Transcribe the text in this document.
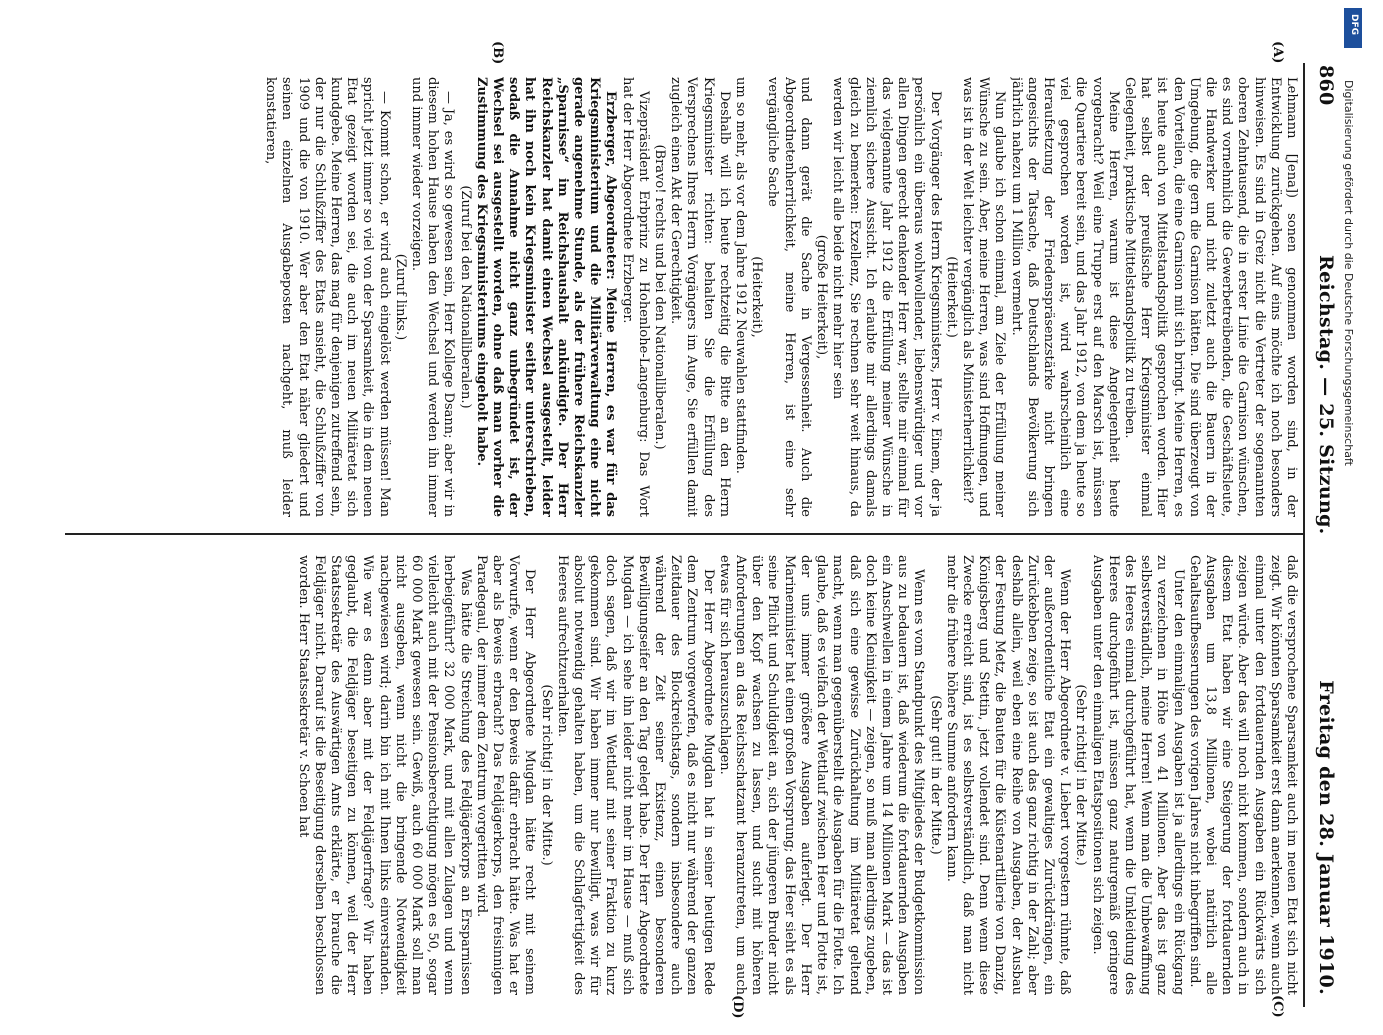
860
Reichstag. — 25. Sitzung.
Freitag den 28. Januar 1910.
(A)
(B)
(C)
(D)

Lehmann [Jena]) sonen genommen worden sind, in der Entwicklung zurückgehen. Auf eins möchte ich noch besonders hinweisen. Es sind in Greiz nicht die Vertreter der sogenannten oberen Zehntausend, die in erster Linie die Garnison wünschen, es sind vornehmlich die Gewerbetreibenden, die Geschäftsleute, die Handwerker und nicht zuletzt auch die Bauern in der Umgebung, die gern die Garnison hätten. Die sind überzeugt von den Vorteilen, die eine Garnison mit sich bringt. Meine Herren, es ist heute auch von Mittelstandspolitik gesprochen worden. Hier hat selbst der preußische Herr Kriegsminister einmal Gelegenheit, praktische Mittelstandspolitik zu treiben.

Meine Herren, warum ist diese Angelegenheit heute vorgebracht? Weil eine Truppe erst auf den Marsch ist, müssen die Quartiere bereit sein, und das Jahr 1912, von dem ja heute so viel gesprochen worden ist, wird wahrscheinlich eine Heraufsetzung der Friedenspräsenzstärke nicht bringen angesichts der Tatsache, daß Deutschlands Bevölkerung sich jährlich nahezu um 1 Million vermehrt.

Nun glaube ich schon einmal, am Ziele der Erfüllung meiner Wünsche zu sein. Aber, meine Herren, was sind Hoffnungen, und was ist in der Welt leichter vergänglich als Ministerherrlichkeit?

(Heiterkeit.)

Der Vorgänger des Herrn Kriegsministers, Herr v. Einem, der ja persönlich ein überaus wohlwollender, liebenswürdiger und vor allen Dingen gerecht denkender Herr war, stellte mir einmal für das vielgenannte Jahr 1912 die Erfüllung meiner Wünsche in ziemlich sichere Aussicht. Ich erlaubte mir allerdings damals gleich zu bemerken: Exzellenz, Sie rechnen sehr weit hinaus, da werden wir leicht alle beide nicht mehr hier sein

(große Heiterkeit),

und dann gerät die Sache in Vergessenheit. Auch die Abgeordnetenherrlichkeit, meine Herren, ist eine sehr vergängliche Sache

(Heiterkeit),

um so mehr, als vor dem Jahre 1912 Neuwahlen stattfinden.

Deshalb will ich heute rechtzeitig die Bitte an den Herrn Kriegsminister richten: behalten Sie die Erfüllung des Versprechens Ihres Herrn Vorgängers im Auge, Sie erfüllen damit zugleich einen Akt der Gerechtigkeit.

(Bravo! rechts und bei den Nationalliberalen.)

Vizepräsident Erbprinz zu Hohenlohe-Langenburg: Das Wort hat der Herr Abgeordnete Erzberger.

Erzberger, Abgeordneter: Meine Herren, es war für das Kriegsministerium und die Militärverwaltung eine nicht gerade angenehme Stunde, als der frühere Reichskanzler „Sparnisse“ im Reichshaushalt ankündigte. Der Herr Reichskanzler hat damit einen Wechsel ausgestellt, leider hat ihn noch kein Kriegsminister seither unterschrieben, sodaß die Annahme nicht ganz unbegründet ist, der Wechsel sei ausgestellt worden, ohne daß man vorher die Zustimmung des Kriegsministeriums eingeholt habe.

(Zuruf bei den Nationalliberalen.)

— Ja, es wird so gewesen sein, Herr Kollege Dsann; aber wir in diesem hohen Hause haben den Wechsel und werden ihn immer und immer wieder vorzeigen.

(Zuruf links.)

— Kommt schon, er wird auch eingelöst werden müssen! Man spricht jetzt immer so viel von der Sparsamkeit, die in dem neuen Etat gezeigt worden sei, die auch im neuen Militäretat sich kundgebe. Meine Herren, das mag für denjenigen zutreffend sein, der nur die Schlußziffer des Etats ansieht, die Schlußziffer von 1909 und die von 1910. Wer aber den Etat näher gliedert und seinen einzelnen Ausgabeposten nachgeht, muß leider konstatieren,

daß die versprochene Sparsamkeit auch im neuen Etat sich nicht zeigt. Wir könnten Sparsamkeit erst dann anerkennen, wenn auch einmal unter den fortdauernden Ausgaben ein Rückwärts sich zeigen würde. Aber das will noch nicht kommen, sondern auch in diesem Etat haben wir eine Steigerung der fortdauernden Ausgaben um 13,8 Millionen, wobei natürlich alle Gehaltsaufbesserungen des vorigen Jahres nicht inbegriffen sind.

Unter den einmaligen Ausgaben ist ja allerdings ein Rückgang zu verzeichnen in Höhe von 41 Millionen. Aber das ist ganz selbstverständlich, meine Herren! Wenn man die Umbewaffnung des Heeres einmal durchgeführt hat, wenn die Umkleidung des Heeres durchgeführt ist, müssen ganz naturgemäß geringere Ausgaben unter den einmaligen Etatspositionen sich zeigen.

(Sehr richtig! in der Mitte.)

Wenn der Herr Abgeordnete v. Liebert vorgestern rühmte, daß der außerordentliche Etat ein gewaltiges Zurückdrängen, ein Zurückebben zeige, so ist auch das ganz richtig in der Zahl; aber deshalb allein, weil eben eine Reihe von Ausgaben, der Ausbau der Festung Metz, die Bauten für die Küstenartillerie von Danzig, Königsberg und Stettin, jetzt vollendet sind. Denn wenn diese Zwecke erreicht sind, ist es selbstverständlich, daß man nicht mehr die frühere höhere Summe anfordern kann.

(Sehr gut! in der Mitte.)

Wenn es vom Standpunkt des Mitgliedes der Budgetkommission aus zu bedauern ist, daß wiederum die fortdauernden Ausgaben ein Anschwellen in einem Jahre um 14 Millionen Mark — das ist doch keine Kleinigkeit — zeigen, so muß man allerdings zugeben, daß sich eine gewisse Zurückhaltung im Militäretat geltend macht, wenn man gegenüberstellt die Ausgaben für die Flotte. Ich glaube, daß es vielfach der Wettlauf zwischen Heer und Flotte ist, der uns immer größere Ausgaben auferlegt. Der Herr Marineminister hat einen großen Vorsprung; das Heer sieht es als seine Pflicht und Schuldigkeit an, sich der jüngeren Bruder nicht über den Kopf wachsen zu lassen, und sucht mit höheren Anforderungen an das Reichsschatzamt heranzutreten, um auch etwas für sich herauszuschlagen.

Der Herr Abgeordnete Mugdan hat in seiner heutigen Rede dem Zentrum vorgeworfen, daß es nicht nur während der ganzen Zeitdauer des Blockreichstags, sondern insbesondere auch während der Zeit seiner Existenz, einen besonderen Bewilligungseifer an den Tag gelegt habe. Der Herr Abgeordnete Mugdan — ich sehe ihn leider nicht mehr im Hause — muß sich doch sagen, daß wir im Wettlauf mit seiner Fraktion zu kurz gekommen sind. Wir haben immer nur bewilligt, was wir für absolut notwendig gehalten haben, um die Schlagfertigkeit des Heeres aufrechtzuerhalten.

(Sehr richtig! in der Mitte.)

Der Herr Abgeordnete Mugdan hätte recht mit seinem Vorwurfe, wenn er den Beweis dafür erbracht hätte. Was hat er aber als Beweis erbracht? Das Feldjägerkorps, den freisinnigen Paradegaul, der immer dem Zentrum vorgeritten wird.

Was hätte die Streichung des Feldjägerkorps an Ersparnissen herbeigeführt? 32 000 Mark, und mit allen Zulagen und wenn vielleicht auch mit der Pensionsberechtigung mögen es 50, sogar 60 000 Mark gewesen sein. Gewiß, auch 60 000 Mark soll man nicht ausgeben, wenn nicht die bringende Notwendigkeit nachgewiesen wird; darin bin ich mit Ihnen links einverstanden. Wie war es denn aber mit der Feldjägerfrage? Wir haben geglaubt, die Feldjäger beseitigen zu können, weil der Herr Staatssekretär des Auswärtigen Amts erklärte, er brauche die Feldjäger nicht. Darauf ist die Beseitigung derselben beschlossen worden. Herr Staatssekretär v. Schoen hat

DFG
Digitalisierung gefördert durch die Deutsche Forschungsgemeinschaft
